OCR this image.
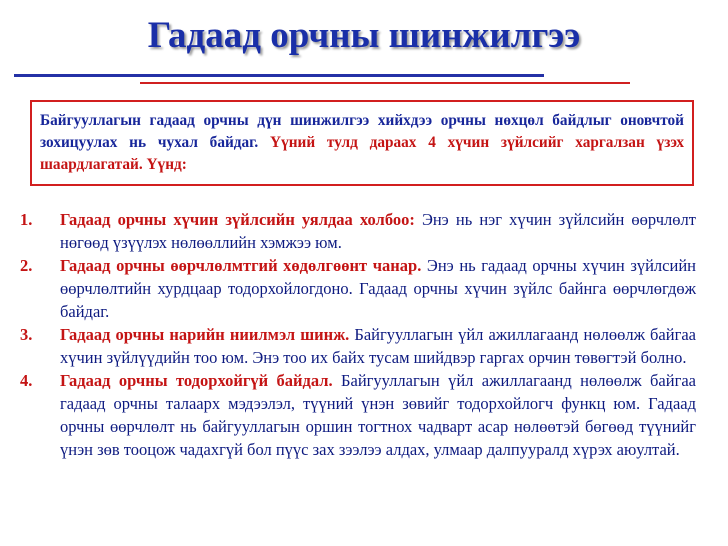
Гадаад орчны шинжилгээ
Байгууллагын гадаад орчны дүн шинжилгээ хийхдээ орчны нөхцөл байдлыг оновчтой зохицуулах нь чухал байдаг. Үүний тулд дараах 4 хүчин зүйлсийг харгалзан үзэх шаардлагатай. Үүнд:
1. Гадаад орчны хүчин зүйлсийн уялдаа холбоо: Энэ нь нэг хүчин зүйлсийн өөрчлөлт нөгөөд үзүүлэх нөлөөллийн хэмжээ юм.
2. Гадаад орчны өөрчлөлмтгий хөдөлгөөнт чанар. Энэ нь гадаад орчны хүчин зүйлсийн өөрчлөлтийн хурдцаар тодорхойлогдоно. Гадаад орчны хүчин зүйлс байнга өөрчлөгдөж байдаг.
3. Гадаад орчны нарийн ниилмэл шинж. Байгууллагын үйл ажиллагаанд нөлөөлж байгаа хүчин зүйлүүдийн тоо юм. Энэ тоо их байх тусам шийдвэр гаргах орчин төвөгтэй болно.
4. Гадаад орчны тодорхойгүй байдал. Байгууллагын үйл ажиллагаанд нөлөөлж байгаа гадаад орчны талаарх мэдээлэл, түүний үнэн зөвийг тодорхойлогч функц юм. Гадаад орчны өөрчлөлт нь байгууллагын оршин тогтнох чадварт асар нөлөөтэй бөгөөд түүнийг үнэн зөв тооцож чадахгүй бол пүүс зах зээлээ алдах, улмаар далпууралд хүрэх аюултай.
